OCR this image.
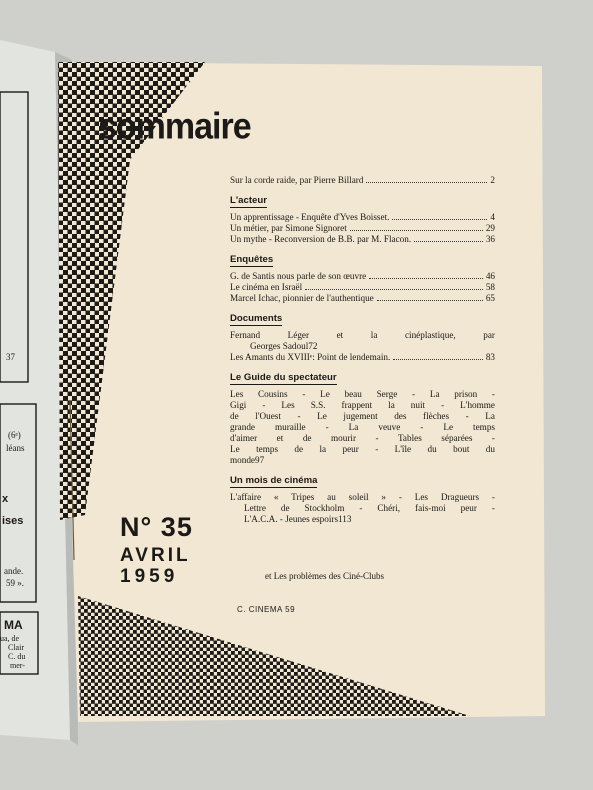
37
(6ᵉ)
léans
x
ises
ande.
59 ».
MA
ua, de
Clair
C. du
mer-
sommaire
N° 35
AVRIL
1959
Sur la corde raide, par Pierre Billard	2
L'acteur
Un apprentissage - Enquête d'Yves Boisset.	4
Un métier, par Simone Signoret	29
Un mythe - Reconversion de B.B. par M. Flacon.	36
Enquêtes
G. de Santis nous parle de son œuvre	46
Le cinéma en Israël	58
Marcel Ichac, pionnier de l'authentique	65
Documents
Fernand Léger et la cinéplastique, par
Georges Sadoul 72
Les Amants du XVIIIᵉ: Point de lendemain.	83
Le Guide du spectateur
Les Cousins - Le beau Serge - La prison -
Gigi - Les S.S. frappent la nuit - L'homme
de l'Ouest - Le jugement des flèches - La
grande muraille - La veuve - Le temps
d'aimer et de mourir - Tables séparées -
Le temps de la peur - L'île du bout du
monde 97
Un mois de cinéma
L'affaire « Tripes au soleil » - Les Dragueurs -
Lettre de Stockholm - Chéri, fais-moi peur -
L'A.C.A. - Jeunes espoirs 113
et Les problèmes des Ciné-Clubs
C. CINEMA 59
